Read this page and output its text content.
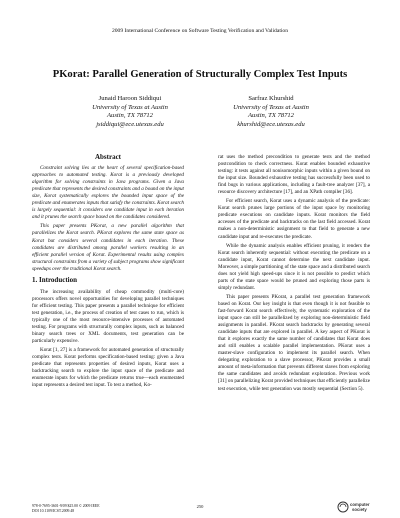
2009 International Conference on Software Testing Verification and Validation
PKorat: Parallel Generation of Structurally Complex Test Inputs
Junaid Haroon Siddiqui
University of Texas at Austin
Austin, TX 78712
jsiddiqui@ece.utexas.edu
Sarfraz Khurshid
University of Texas at Austin
Austin, TX 78712
khurshid@ece.utexas.edu
Abstract

Constraint solving lies at the heart of several specification-based approaches to automated testing. Korat is a previously developed algorithm for solving constraints in Java programs. Given a Java predicate that represents the desired constraints and a bound on the input size, Korat systematically explores the bounded input space of the predicate and enumerates inputs that satisfy the constraints. Korat search is largely sequential: it considers one candidate input in each iteration and it prunes the search space based on the candidates considered.

This paper presents PKorat, a new parallel algorithm that parallelizes the Korat search. PKorat explores the same state space as Korat but considers several candidates in each iteration. These candidates are distributed among parallel workers resulting in an efficient parallel version of Korat. Experimental results using complex structural constraints from a variety of subject programs show significant speedups over the traditional Korat search.

1. Introduction

The increasing availability of cheap commodity (multi-core) processors offers novel opportunities for developing parallel techniques for efficient testing. This paper presents a parallel technique for efficient test generation, i.e., the process of creation of test cases to run, which is typically one of the most resource-intensive processes of automated testing. For programs with structurally complex inputs, such as balanced binary search trees or XML documents, test generation can be particularly expensive.

Korat [1, 27] is a framework for automated generation of structurally complex tests. Korat performs specification-based testing: given a Java predicate that represents properties of desired inputs, Korat uses a backtracking search to explore the input space of the predicate and enumerate inputs for which the predicate returns true—each enumerated input represents a desired test input. To test a method, Ko-

rat uses the method precondition to generate tests and the method postcondition to check correctness. Korat enables bounded exhaustive testing: it tests against all nonisomorphic inputs within a given bound on the input size. Bounded exhaustive testing has successfully been used to find bugs in various applications, including a fault-tree analyzer [37], a resource discovery architecture [17], and an XPath compiler [36].

For efficient search, Korat uses a dynamic analysis of the predicate: Korat search prunes large portions of the input space by monitoring predicate executions on candidate inputs. Korat monitors the field accesses of the predicate and backtracks on the last field accessed. Korat makes a non-deterministic assignment to that field to generate a new candidate input and re-executes the predicate.

While the dynamic analysis enables efficient pruning, it renders the Korat search inherently sequential: without executing the predicate on a candidate input, Korat cannot determine the next candidate input. Moreover, a simple partitioning of the state space and a distributed search does not yield high speed-ups since it is not possible to predict which parts of the state space would be pruned and exploring those parts is simply redundant.

This paper presents PKorat, a parallel test generation framework based on Korat. Our key insight is that even though it is not feasible to fast-forward Korat search effectively, the systematic exploration of the input space can still be parallelized by exploring non-deterministic field assignments in parallel. PKorat search backtracks by generating several candidate inputs that are explored in parallel. A key aspect of PKorat is that it explores exactly the same number of candidates that Korat does and still enables a scalable parallel implementation. PKorat uses a master-slave configuration to implement its parallel search. When delegating exploration to a slave processor, PKorat provides a small amount of meta-information that prevents different slaves from exploring the same candidates and avoids redundant exploration. Previous work [31] on parallelizing Korat provided techniques that efficiently parallelize test execution, while test generation was mostly sequential (Section 5).

978-0-7695-3601-9/09 $25.00 © 2009 IEEE
DOI 10.1109/ICST.2009.48
250	computer
society
